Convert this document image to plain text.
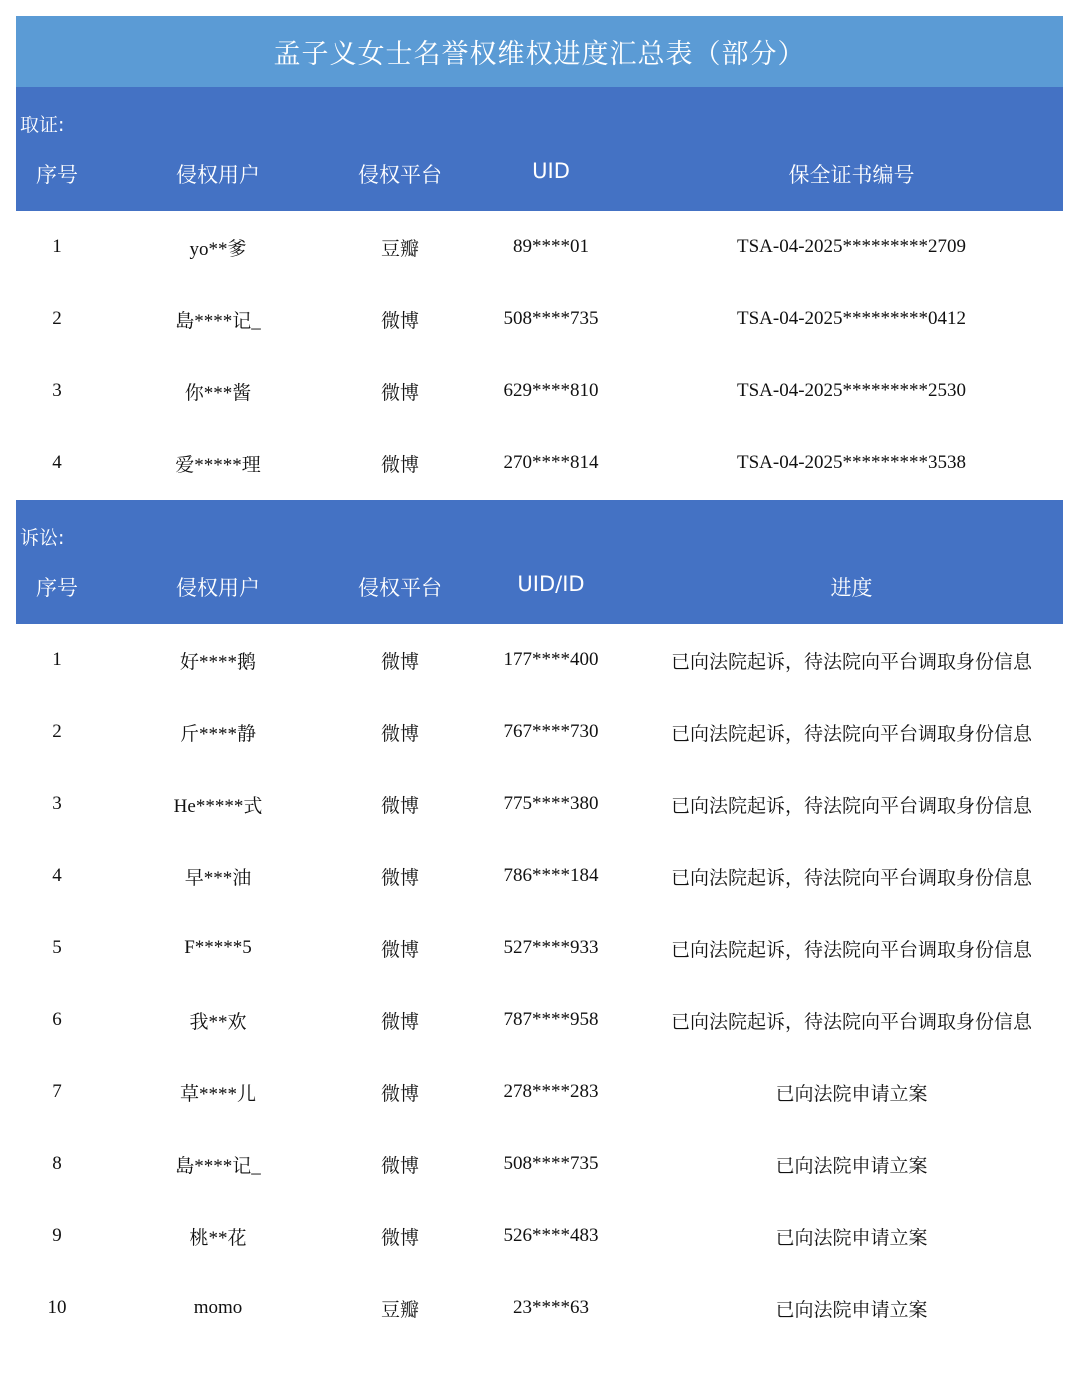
孟子义女士名誉权维权进度汇总表（部分）
取证:
序号	侵权用户	侵权平台	UID	保全证书编号
1	yo**爹	豆瓣	89****01	TSA-04-2025*********2709
2	島****记_	微博	508****735	TSA-04-2025*********0412
3	你***酱	微博	629****810	TSA-04-2025*********2530
4	爱*****理	微博	270****814	TSA-04-2025*********3538
诉讼:
序号	侵权用户	侵权平台	UID/ID	进度
1	好****鹅	微博	177****400	已向法院起诉，待法院向平台调取身份信息
2	斤****静	微博	767****730	已向法院起诉，待法院向平台调取身份信息
3	He*****式	微博	775****380	已向法院起诉，待法院向平台调取身份信息
4	早***油	微博	786****184	已向法院起诉，待法院向平台调取身份信息
5	F*****5	微博	527****933	已向法院起诉，待法院向平台调取身份信息
6	我**欢	微博	787****958	已向法院起诉，待法院向平台调取身份信息
7	草****儿	微博	278****283	已向法院申请立案
8	島****记_	微博	508****735	已向法院申请立案
9	桃**花	微博	526****483	已向法院申请立案
10	momo	豆瓣	23****63	已向法院申请立案
